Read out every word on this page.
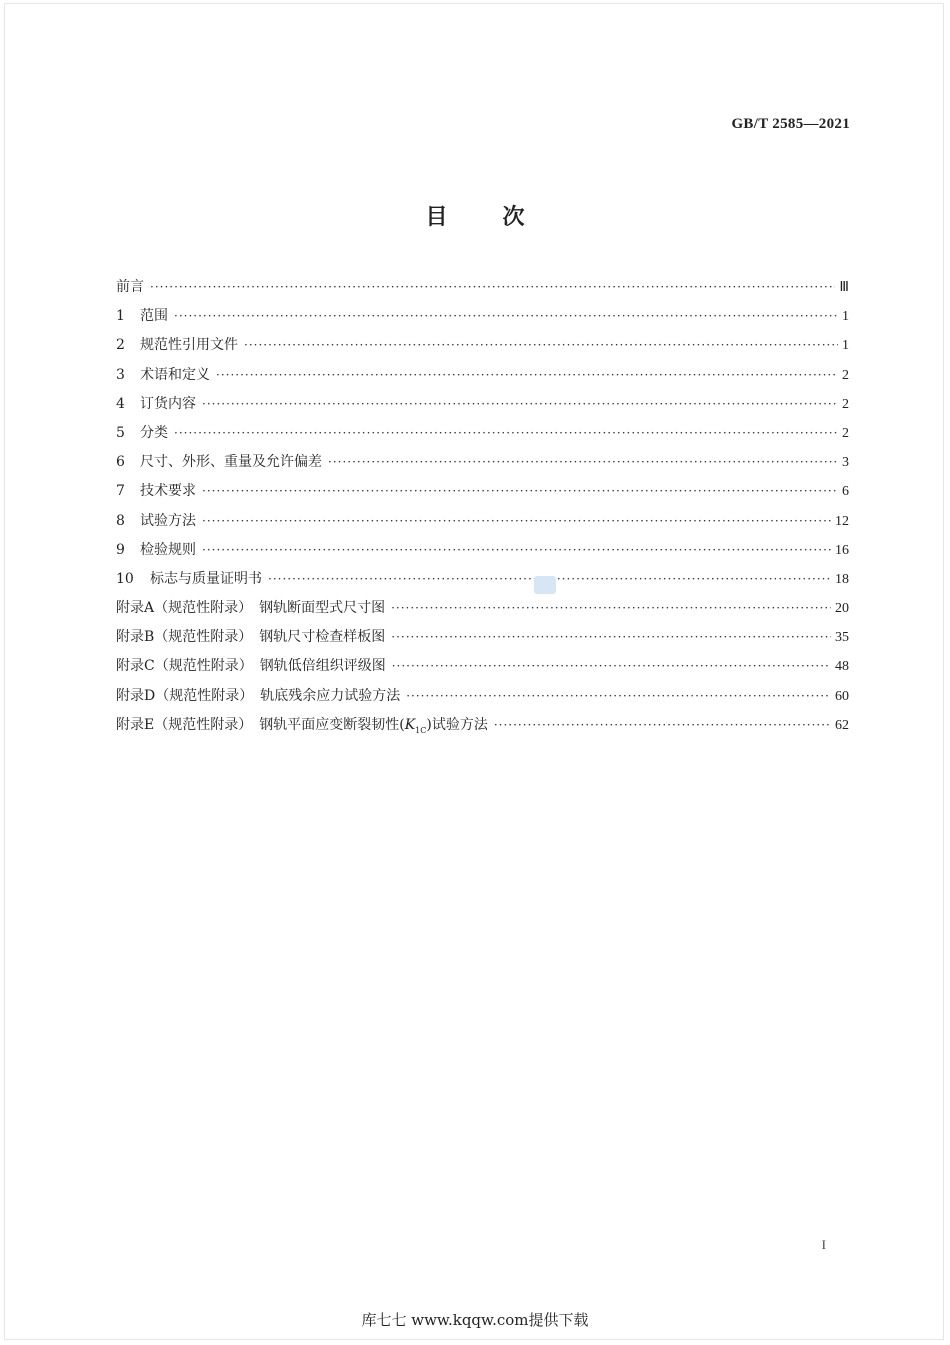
GB/T 2585—2021
目次
前言 ·····	Ⅲ
1 范围 ·····	1
2 规范性引用文件 ·····	1
3 术语和定义 ·····	2
4 订货内容 ·····	2
5 分类 ·····	2
6 尺寸、外形、重量及允许偏差 ·····	3
7 技术要求 ·····	6
8 试验方法 ·····	12
9 检验规则 ·····	16
10 标志与质量证明书 ·····	18
附录A（规范性附录）　钢轨断面型式尺寸图 ·····	20
附录B（规范性附录）　钢轨尺寸检查样板图 ·····	35
附录C（规范性附录）　钢轨低倍组织评级图 ·····	48
附录D（规范性附录）　轨底残余应力试验方法 ·····	60
附录E（规范性附录）　钢轨平面应变断裂韧性$(K_{1C})$试验方法 ·····	62
I
库七七 www.kqqw.com提供下载
